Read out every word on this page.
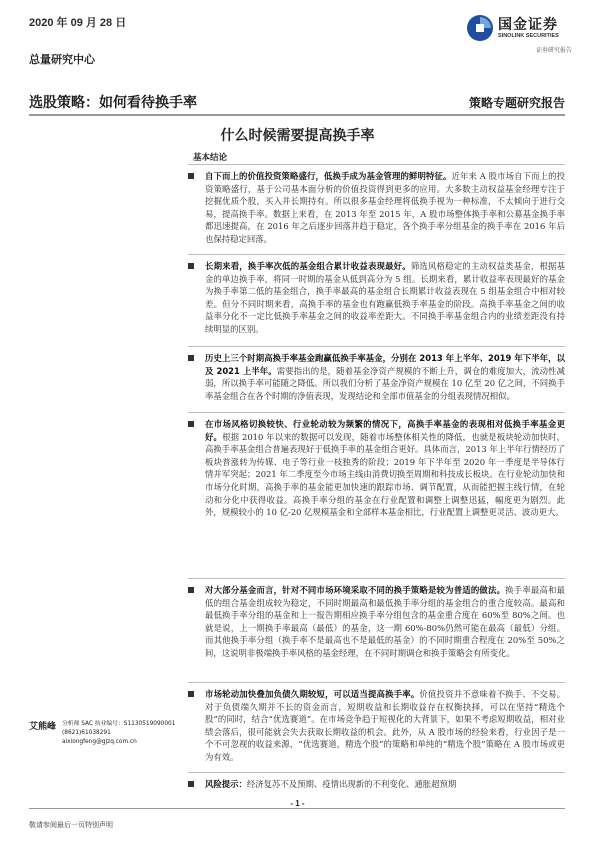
2020 年 09 月 28 日
总量研究中心
国金证券
SINOLINK SECURITIES
证券研究报告
选股策略：如何看待换手率	策略专题研究报告
什么时候需要提高换手率
基本结论
自下而上的价值投资策略盛行，低换手成为基金管理的鲜明特征。近年来 A 股市场自下而上的投资策略盛行，基于公司基本面分析的价值投资得到更多的应用。大多数主动权益基金经理专注于挖掘优质个股，买入并长期持有。所以很多基金经理将低换手视为一种标准，不太倾向于进行交易，提高换手率。数据上来看，在 2013 年至 2015 年，A 股市场整体换手率和公募基金换手率都迅速提高，在 2016 年之后逐步回落并趋于稳定，各个换手率分组基金的换手率在 2016 年后也保持稳定回落。
长期来看，换手率次低的基金组合累计收益表现最好。筛选风格稳定的主动权益类基金，根据基金的单边换手率，将同一时期的基金从低到高分为 5 组。长期来看，累计收益率表现最好的基金为换手率第二低的基金组合，换手率最高的基金组合长期累计收益表现在 5 组基金组合中相对较差。但分不同时期来看，高换手率的基金也有跑赢低换手率基金的阶段。高换手率基金之间的收益率分化不一定比低换手率基金之间的收益率差距大。不同换手率基金组合内的业绩差距没有持续明显的区别。
历史上三个时期高换手率基金跑赢低换手率基金，分别在 2013 年上半年、2019 年下半年，以及 2021 上半年。需要指出的是，随着基金净资产规模的不断上升，调仓的难度加大，流动性减弱，所以换手率可能随之降低。所以我们分析了基金净资产规模在 10 亿至 20 亿之间，不同换手率基金组合在各个时期的净值表现，发现结论和全部市值基金的分组表现情况相似。
在市场风格切换较快、行业轮动较为频繁的情况下，高换手率基金的表现相对低换手率基金更好。根据 2010 年以来的数据可以发现，随着市场整体相关性的降低，也就是板块轮动加快时，高换手率基金组合普遍表现好于低换手率的基金组合更好。具体而言，2013 年上半年行情经历了板块普涨转为传媒、电子等行业一枝独秀的阶段；2019 年下半年至 2020 年一季度是半导体行情并军突起；2021 年二季度至今市场主线由消费切换至周期和科技成长板块。在行业轮动加快和市场分化时期，高换手率的基金能更加快速的跟踪市场、调节配置，从而能把握主线行情，在轮动和分化中获得收益。高换手率分组的基金在行业配置和调整上调整迅猛，幅度更为剧烈。此外，规模较小的 10 亿-20 亿规模基金和全部样本基金相比，行业配置上调整更灵活、波动更大。
对大部分基金而言，针对不同市场环境采取不同的换手策略是较为普适的做法。换手率最高和最低的组合基金组成较为稳定，不同时期最高和最低换手率分组的基金组合的重合度较高。最高和最低换手率分组的基金和上一报告期相应换手率分组包含的基金重合度在 60%至 80%之间。也就是说，上一期换手率最高（最低）的基金，这一期 60%-80%仍然可能在最高（最低）分组。而其他换手率分组（换手率不是最高也不是最低的基金）的不同时期重合程度在 20%至 50%之间，这说明非极端换手率风格的基金经理，在不同时期调仓和换手策略会有所变化。
市场轮动加快叠加负债久期较短，可以适当提高换手率。价值投资并不意味着不换手、不交易。对于负债端久期并不长的资金而言，短期收益和长期收益存在权衡抉择，可以在坚持“精选个股”的同时，结合“优选赛道”。在市场竞争趋于短视化的大背景下，如果不考虑短期收益，相对业绩会落后，很可能就会失去获取长期收益的机会。此外，从 A 股市场的经验来看，行业因子是一个不可忽视的收益来源，“优选赛道，精选个股”的策略和单纯的“精选个股”策略在 A 股市场或更为有效。
风险提示：经济复苏不及预期、疫情出现新的不利变化、通胀超预期
艾熊峰 分析师 SAC 执业编号：S1130519090001
(8621)61038291
aixiongfeng@gjzq.com.cn
- 1 -
敬请参阅最后一页特别声明
